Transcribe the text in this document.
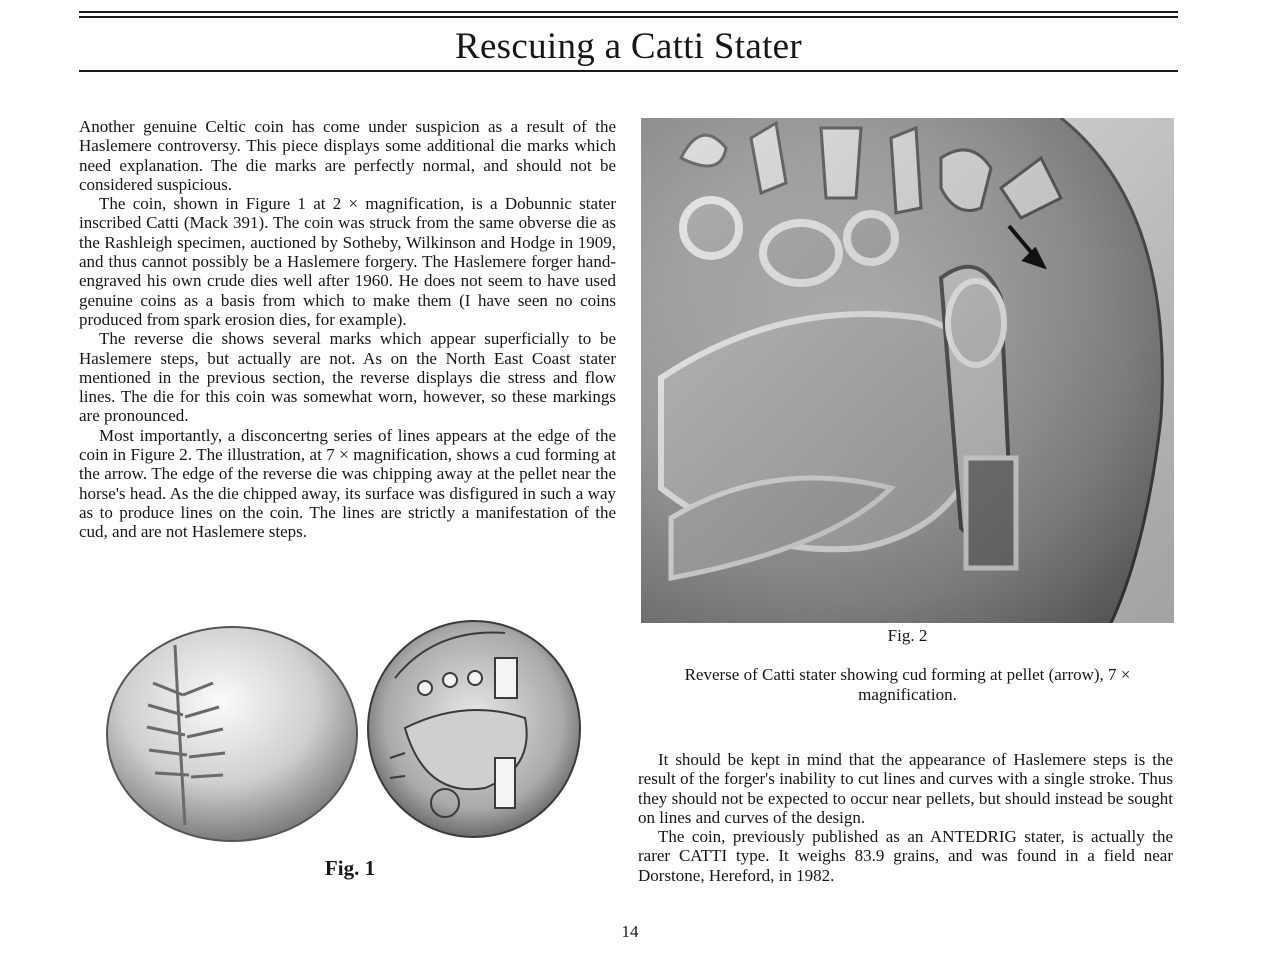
Rescuing a Catti Stater

Another genuine Celtic coin has come under suspicion as a result of the Haslemere controversy. This piece displays some additional die marks which need explanation. The die marks are perfectly normal, and should not be considered suspicious.

The coin, shown in Figure 1 at 2 × magnification, is a Dobunnic stater inscribed Catti (Mack 391). The coin was struck from the same obverse die as the Rashleigh specimen, auctioned by Sotheby, Wilkinson and Hodge in 1909, and thus cannot possibly be a Haslemere forgery. The Haslemere forger hand-engraved his own crude dies well after 1960. He does not seem to have used genuine coins as a basis from which to make them (I have seen no coins produced from spark erosion dies, for example).

The reverse die shows several marks which appear superficially to be Haslemere steps, but actually are not. As on the North East Coast stater mentioned in the previous section, the reverse displays die stress and flow lines. The die for this coin was somewhat worn, however, so these markings are pronounced.

Most importantly, a disconcertng series of lines appears at the edge of the coin in Figure 2. The illustration, at 7 × magnification, shows a cud forming at the arrow. The edge of the reverse die was chipping away at the pellet near the horse's head. As the die chipped away, its surface was disfigured in such a way as to produce lines on the coin. The lines are strictly a manifestation of the cud, and are not Haslemere steps.

Fig. 2

Reverse of Catti stater showing cud forming at pellet (arrow), 7 × magnification.

Fig. 1

It should be kept in mind that the appearance of Haslemere steps is the result of the forger's inability to cut lines and curves with a single stroke. Thus they should not be expected to occur near pellets, but should instead be sought on lines and curves of the design.

The coin, previously published as an ANTEDRIG stater, is actually the rarer CATTI type. It weighs 83.9 grains, and was found in a field near Dorstone, Hereford, in 1982.

14
